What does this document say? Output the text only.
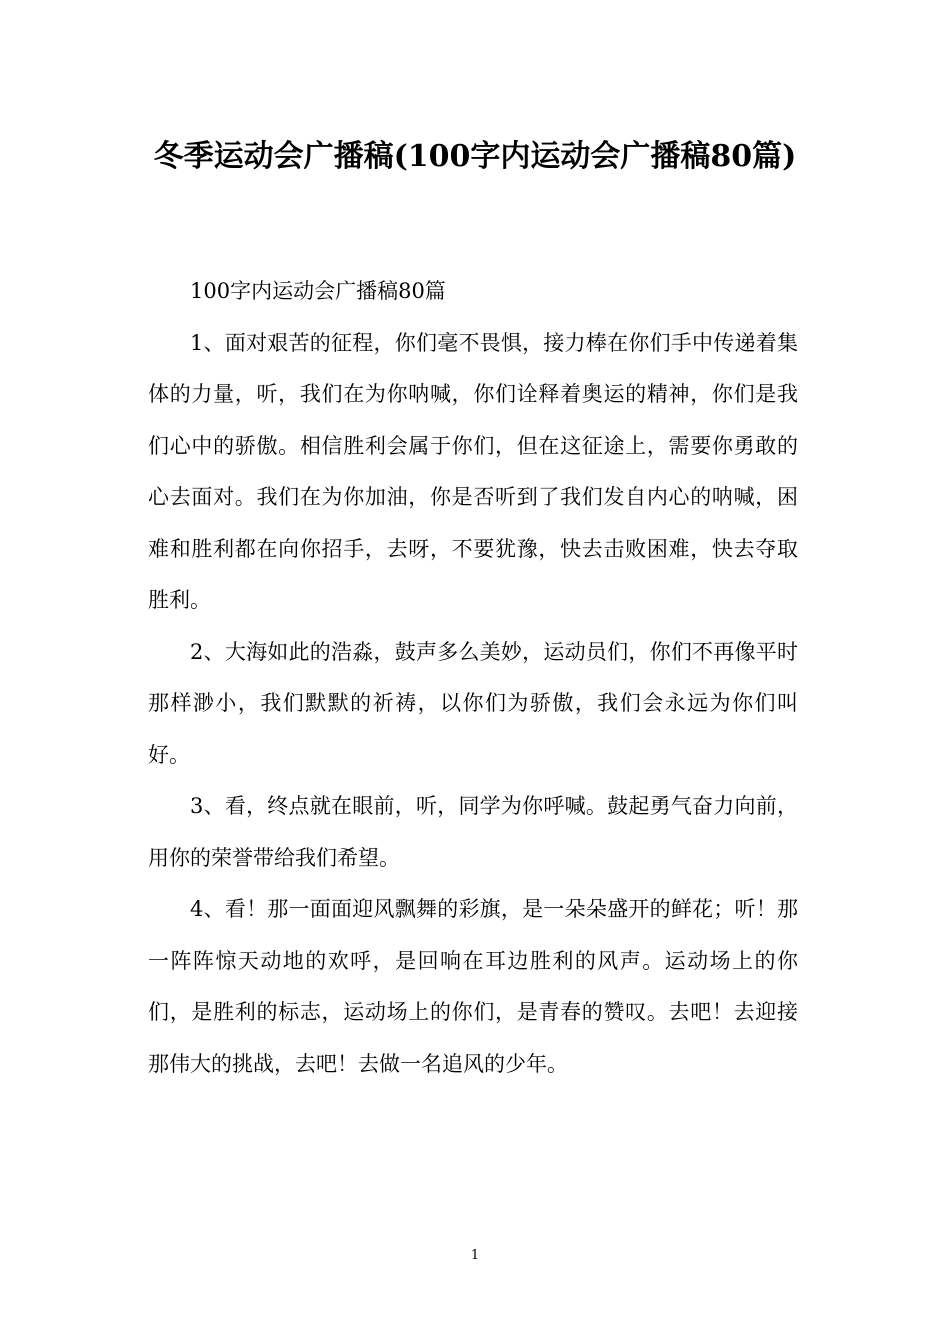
冬季运动会广播稿(100字内运动会广播稿80篇)

100字内运动会广播稿80篇

1、面对艰苦的征程，你们毫不畏惧，接力棒在你们手中传递着集体的力量，听，我们在为你呐喊，你们诠释着奥运的精神，你们是我们心中的骄傲。相信胜利会属于你们，但在这征途上，需要你勇敢的心去面对。我们在为你加油，你是否听到了我们发自内心的呐喊，困难和胜利都在向你招手，去呀，不要犹豫，快去击败困难，快去夺取胜利。

2、大海如此的浩淼，鼓声多么美妙，运动员们，你们不再像平时那样渺小，我们默默的祈祷，以你们为骄傲，我们会永远为你们叫好。

3、看，终点就在眼前，听，同学为你呼喊。鼓起勇气奋力向前，用你的荣誉带给我们希望。

4、看！那一面面迎风飘舞的彩旗，是一朵朵盛开的鲜花；听！那一阵阵惊天动地的欢呼，是回响在耳边胜利的风声。运动场上的你们，是胜利的标志，运动场上的你们，是青春的赞叹。去吧！去迎接那伟大的挑战，去吧！去做一名追风的少年。

1
